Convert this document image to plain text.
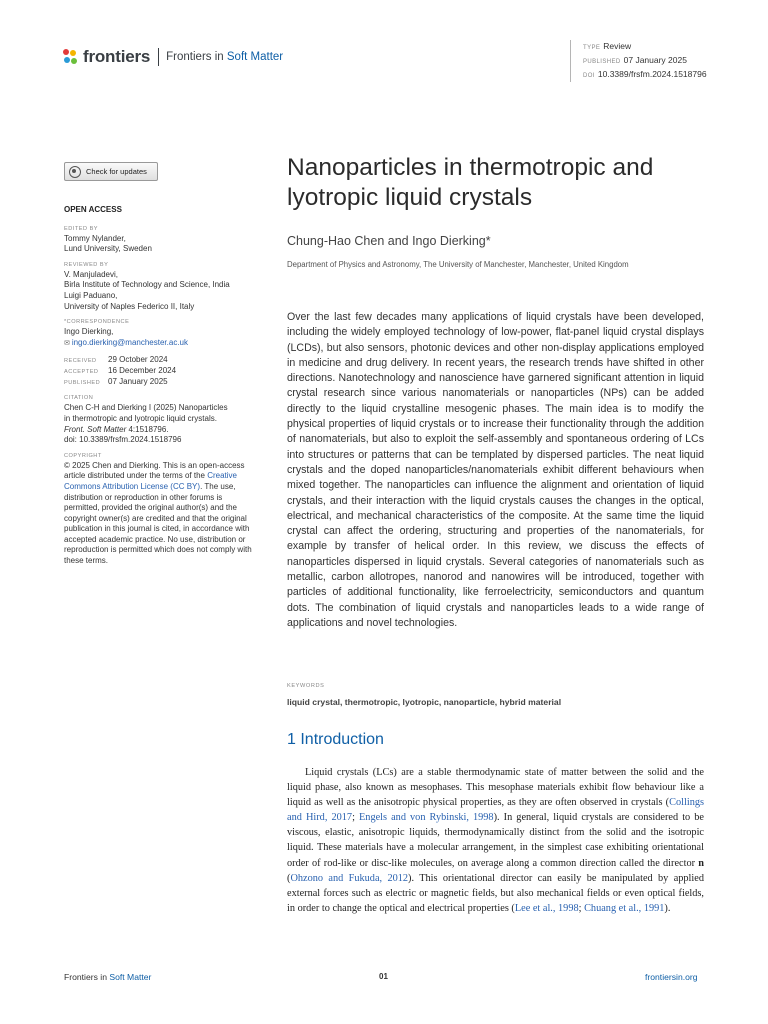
frontiers Frontiers in Soft Matter
TYPE Review
PUBLISHED 07 January 2025
DOI 10.3389/frsfm.2024.1518796
Check for updates
OPEN ACCESS
EDITED BY
Tommy Nylander,
Lund University, Sweden
REVIEWED BY
V. Manjuladevi,
Birla Institute of Technology and Science, India
Luigi Paduano,
University of Naples Federico II, Italy
*CORRESPONDENCE
Ingo Dierking,
✉ ingo.dierking@manchester.ac.uk
RECEIVED 29 October 2024
ACCEPTED 16 December 2024
PUBLISHED 07 January 2025
CITATION
Chen C-H and Dierking I (2025) Nanoparticles
in thermotropic and lyotropic liquid crystals.
Front. Soft Matter 4:1518796.
doi: 10.3389/frsfm.2024.1518796
COPYRIGHT
© 2025 Chen and Dierking. This is an open-access article distributed under the terms of the Creative Commons Attribution License (CC BY). The use, distribution or reproduction in other forums is permitted, provided the original author(s) and the copyright owner(s) are credited and that the original publication in this journal is cited, in accordance with accepted academic practice. No use, distribution or reproduction is permitted which does not comply with these terms.
Nanoparticles in thermotropic and lyotropic liquid crystals
Chung-Hao Chen and Ingo Dierking*
Department of Physics and Astronomy, The University of Manchester, Manchester, United Kingdom
Over the last few decades many applications of liquid crystals have been developed, including the widely employed technology of low-power, flat-panel liquid crystal displays (LCDs), but also sensors, photonic devices and other non-display applications employed in medicine and drug delivery. In recent years, the research trends have shifted in other directions. Nanotechnology and nanoscience have garnered significant attention in liquid crystal research since various nanomaterials or nanoparticles (NPs) can be added directly to the liquid crystalline mesogenic phases. The main idea is to modify the physical properties of liquid crystals or to increase their functionality through the addition of nanomaterials, but also to exploit the self-assembly and spontaneous ordering of LCs into structures or patterns that can be templated by dispersed particles. The neat liquid crystals and the doped nanoparticles/nanomaterials exhibit different behaviours when mixed together. The nanoparticles can influence the alignment and orientation of liquid crystals, and their interaction with the liquid crystals causes the changes in the optical, electrical, and mechanical characteristics of the composite. At the same time the liquid crystal can affect the ordering, structuring and properties of the nanomaterials, for example by transfer of helical order. In this review, we discuss the effects of nanoparticles dispersed in liquid crystals. Several categories of nanomaterials such as metallic, carbon allotropes, nanorod and nanowires will be introduced, together with particles of additional functionality, like ferroelectricity, semiconductors and quantum dots. The combination of liquid crystals and nanoparticles leads to a wide range of applications and novel technologies.
KEYWORDS
liquid crystal, thermotropic, lyotropic, nanoparticle, hybrid material
1 Introduction
Liquid crystals (LCs) are a stable thermodynamic state of matter between the solid and the liquid phase, also known as mesophases. This mesophase materials exhibit flow behaviour like a liquid as well as the anisotropic physical properties, as they are often observed in crystals (Collings and Hird, 2017; Engels and von Rybinski, 1998). In general, liquid crystals are considered to be viscous, elastic, anisotropic liquids, thermodynamically distinct from the solid and the isotropic liquid. These materials have a molecular arrangement, in the simplest case exhibiting orientational order of rod-like or disc-like molecules, on average along a common direction called the director n (Ohzono and Fukuda, 2012). This orientational director can easily be manipulated by applied external forces such as electric or magnetic fields, but also mechanical fields or even optical fields, in order to change the optical and electrical properties (Lee et al., 1998; Chuang et al., 1991).
Frontiers in Soft Matter	01	frontiersin.org
